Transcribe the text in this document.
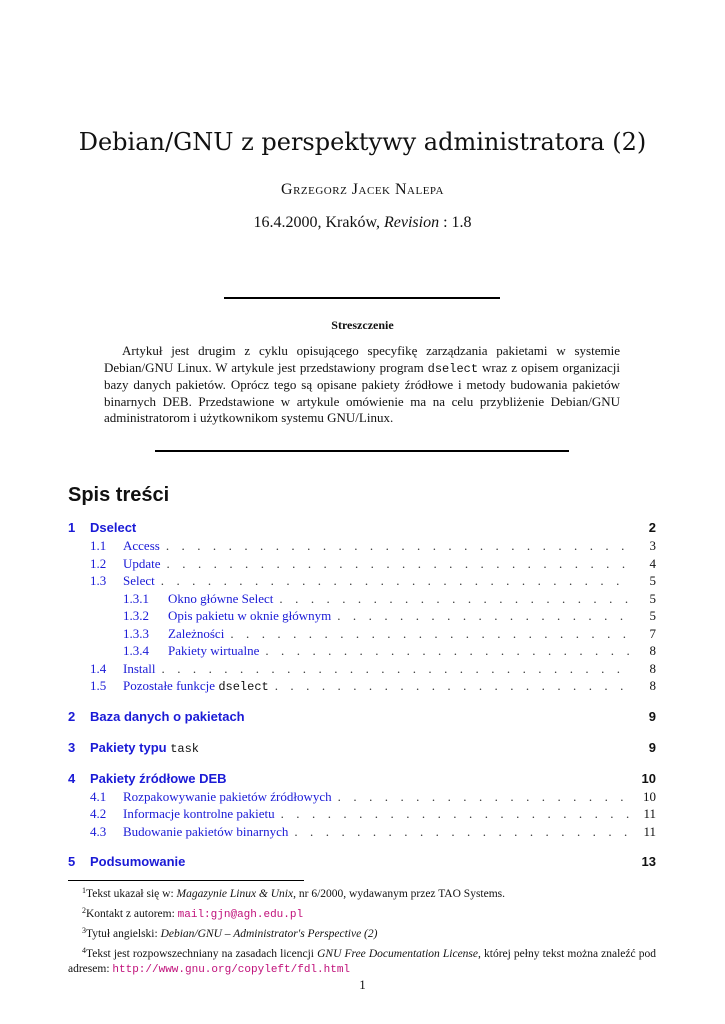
Debian/GNU z perspektywy administratora (2)
Grzegorz Jacek Nalepa
16.4.2000, Kraków, Revision : 1.8
Streszczenie
Artykuł jest drugim z cyklu opisującego specyfikę zarządzania pakietami w systemie Debian/GNU Linux. W artykule jest przedstawiony program dselect wraz z opisem organizacji bazy danych pakietów. Oprócz tego są opisane pakiety źródłowe i metody budowania pakietów binarnych DEB. Przedstawione w artykule omówienie ma na celu przybliżenie Debian/GNU administratorom i użytkownikom systemu GNU/Linux.
Spis treści
1	Dselect	2
1.1	Access . . .	3
1.2	Update . . .	4
1.3	Select . . .	5
1.3.1	Okno główne Select . . .	5
1.3.2	Opis pakietu w oknie głównym . . .	5
1.3.3	Zależności . . .	7
1.3.4	Pakiety wirtualne . . .	8
1.4	Install . . .	8
1.5	Pozostałe funkcje dselect . . .	8
2	Baza danych o pakietach	9
3	Pakiety typu task	9
4	Pakiety źródłowe DEB	10
4.1	Rozpakowywanie pakietów źródłowych . . .	10
4.2	Informacje kontrolne pakietu . . .	11
4.3	Budowanie pakietów binarnych . . .	11
5	Podsumowanie	13

$^1$Tekst ukazał się w: Magazynie Linux & Unix, nr 6/2000, wydawanym przez TAO Systems.

$^2$Kontakt z autorem: mail:gjn@agh.edu.pl

$^3$Tytuł angielski: Debian/GNU – Administrator's Perspective (2)

$^4$Tekst jest rozpowszechniany na zasadach licencji GNU Free Documentation License, której pełny tekst można znaleźć pod adresem: http://www.gnu.org/copyleft/fdl.html

1
